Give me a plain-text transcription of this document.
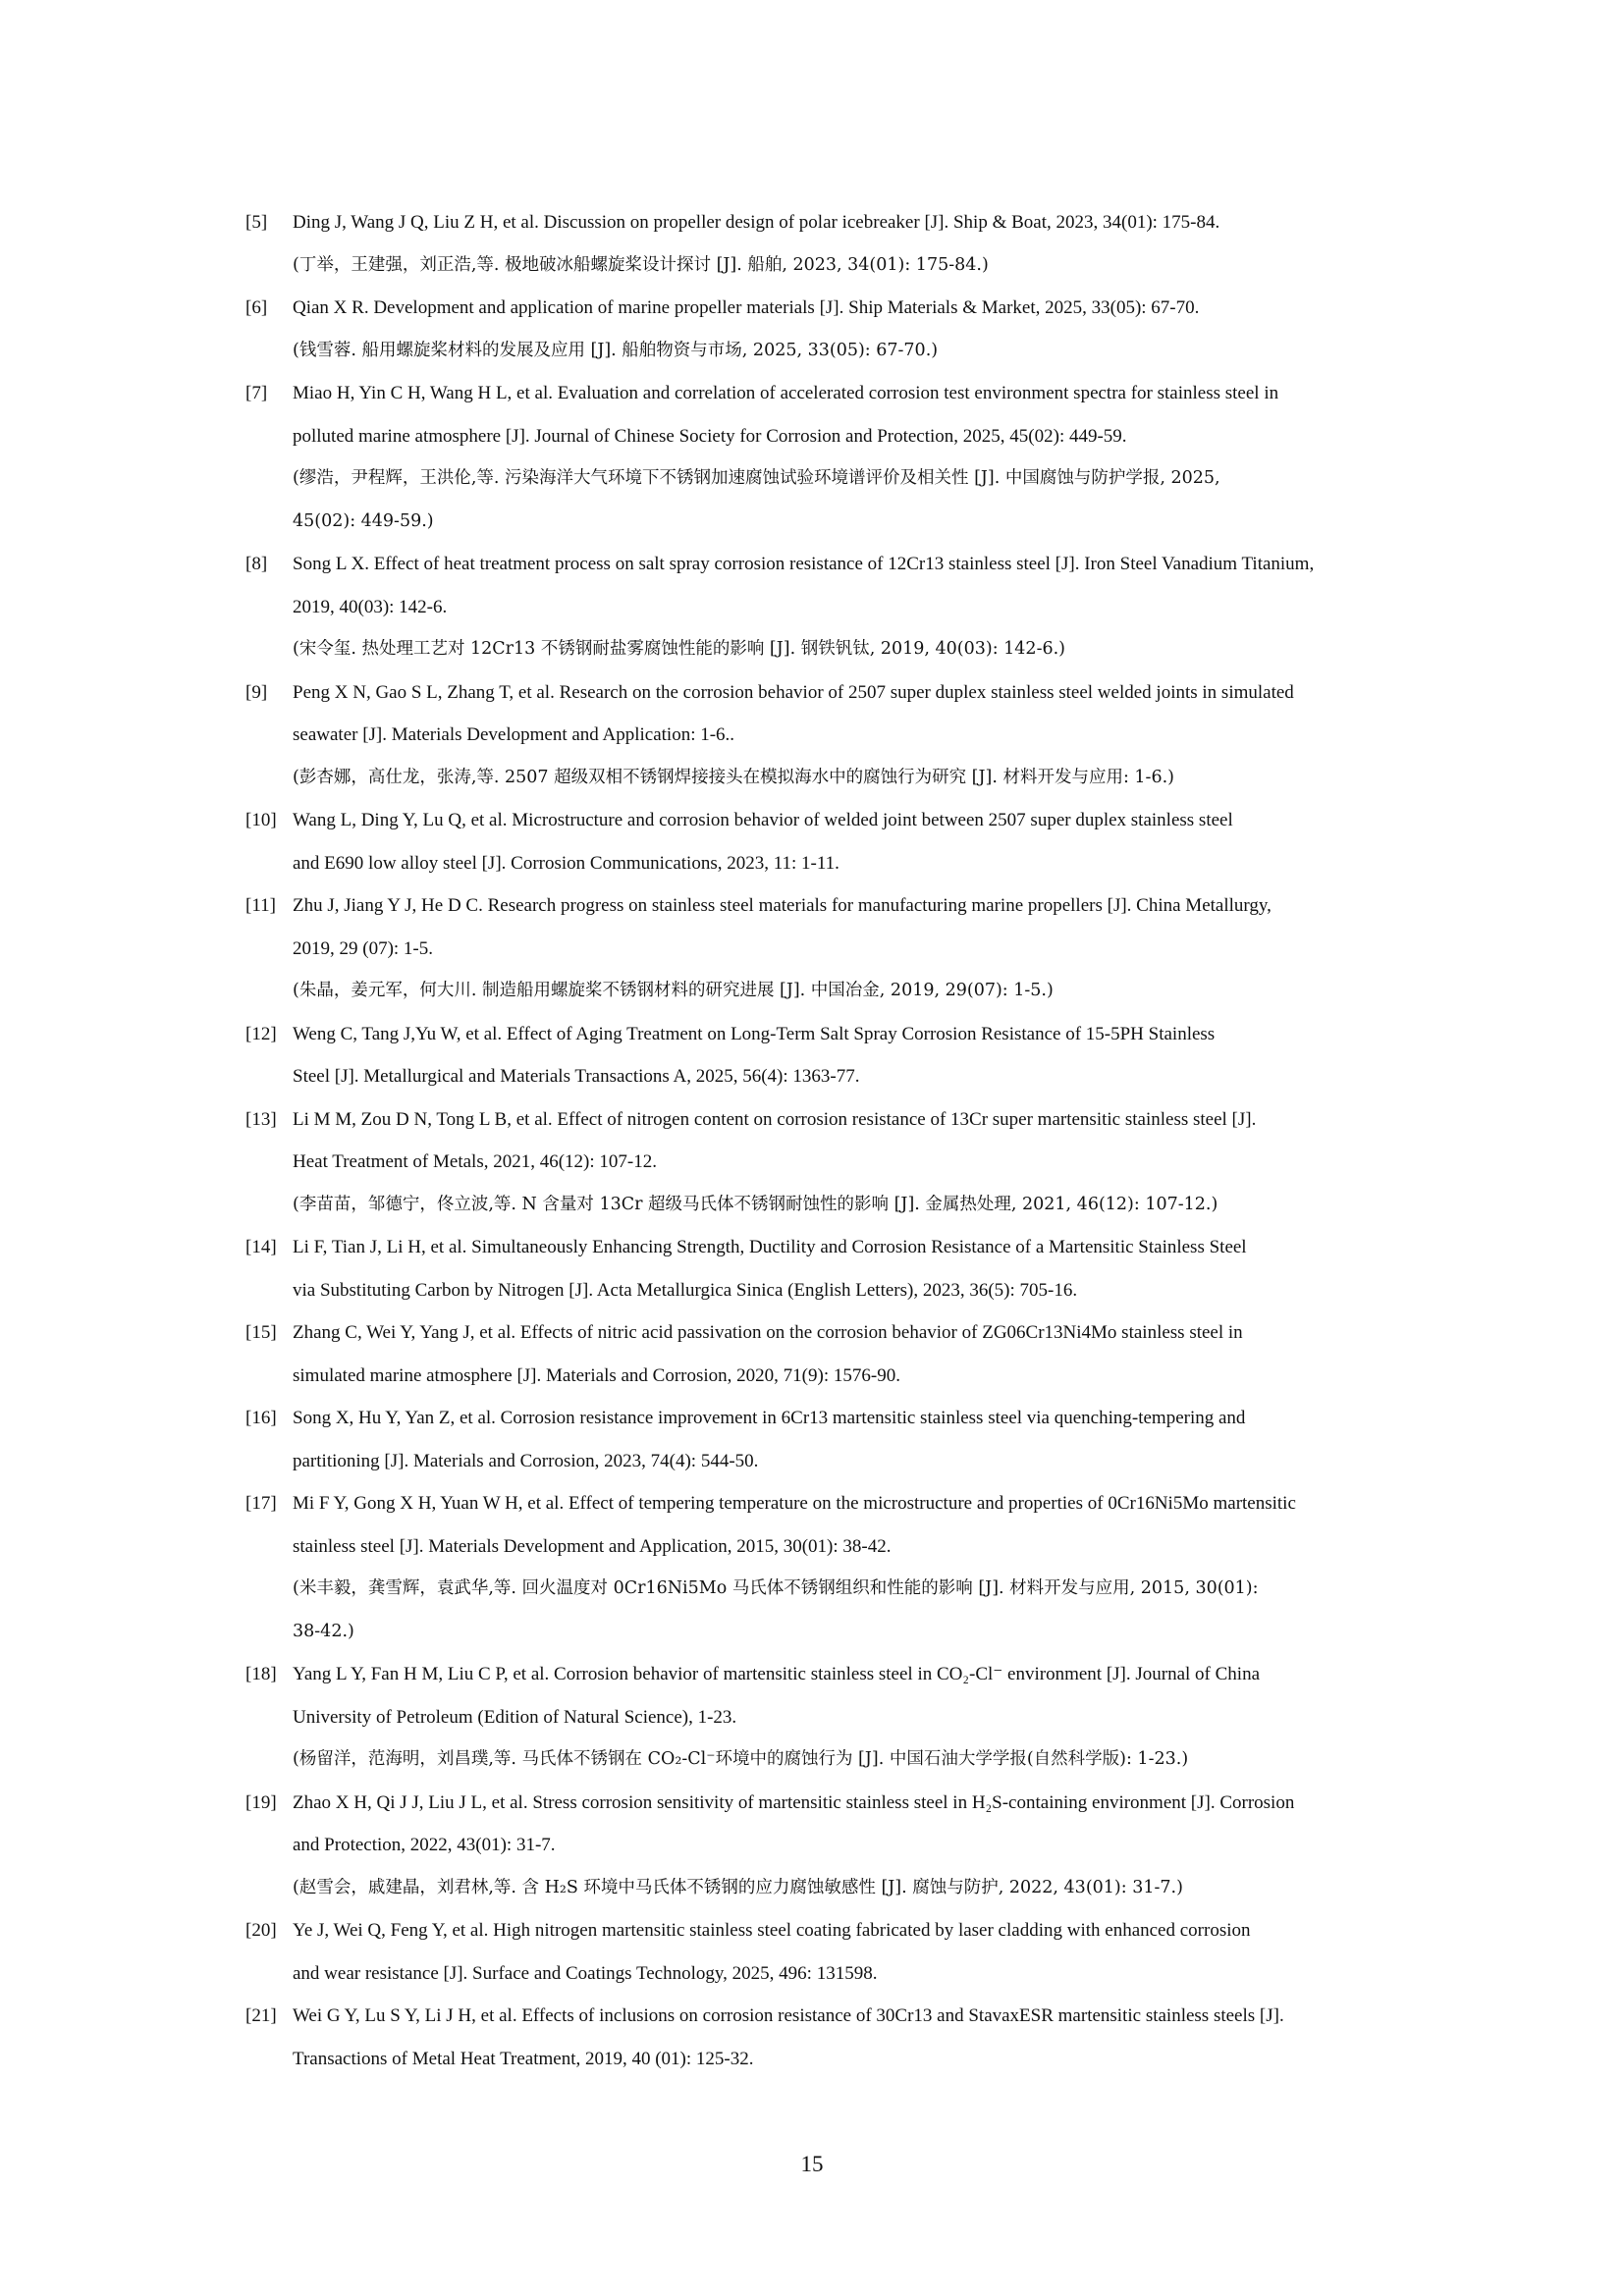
[5] Ding J, Wang J Q, Liu Z H, et al. Discussion on propeller design of polar icebreaker [J]. Ship & Boat, 2023, 34(01): 175-84.
(丁举，王建强，刘正浩,等. 极地破冰船螺旋桨设计探讨 [J]. 船舶, 2023, 34(01): 175-84.)
[6] Qian X R. Development and application of marine propeller materials [J]. Ship Materials & Market, 2025, 33(05): 67-70.
(钱雪蓉. 船用螺旋桨材料的发展及应用 [J]. 船舶物资与市场, 2025, 33(05): 67-70.)
[7] Miao H, Yin C H, Wang H L, et al. Evaluation and correlation of accelerated corrosion test environment spectra for stainless steel in
polluted marine atmosphere [J]. Journal of Chinese Society for Corrosion and Protection, 2025, 45(02): 449-59.
(缪浩，尹程辉，王洪伦,等. 污染海洋大气环境下不锈钢加速腐蚀试验环境谱评价及相关性 [J]. 中国腐蚀与防护学报, 2025,
45(02): 449-59.)
[8] Song L X. Effect of heat treatment process on salt spray corrosion resistance of 12Cr13 stainless steel [J]. Iron Steel Vanadium Titanium,
2019, 40(03): 142-6.
(宋令玺. 热处理工艺对 12Cr13 不锈钢耐盐雾腐蚀性能的影响 [J]. 钢铁钒钛, 2019, 40(03): 142-6.)
[9] Peng X N, Gao S L, Zhang T, et al. Research on the corrosion behavior of 2507 super duplex stainless steel welded joints in simulated
seawater [J]. Materials Development and Application: 1-6..
(彭杏娜，高仕龙，张涛,等. 2507 超级双相不锈钢焊接接头在模拟海水中的腐蚀行为研究 [J]. 材料开发与应用: 1-6.)
[10] Wang L, Ding Y, Lu Q, et al. Microstructure and corrosion behavior of welded joint between 2507 super duplex stainless steel
and E690 low alloy steel [J]. Corrosion Communications, 2023, 11: 1-11.
[11] Zhu J, Jiang Y J, He D C. Research progress on stainless steel materials for manufacturing marine propellers [J]. China Metallurgy,
2019, 29 (07): 1-5.
(朱晶，姜元军，何大川. 制造船用螺旋桨不锈钢材料的研究进展 [J]. 中国冶金, 2019, 29(07): 1-5.)
[12] Weng C, Tang J,Yu W, et al. Effect of Aging Treatment on Long-Term Salt Spray Corrosion Resistance of 15-5PH Stainless
Steel [J]. Metallurgical and Materials Transactions A, 2025, 56(4): 1363-77.
[13] Li M M, Zou D N, Tong L B, et al. Effect of nitrogen content on corrosion resistance of 13Cr super martensitic stainless steel [J].
Heat Treatment of Metals, 2021, 46(12): 107-12.
(李苗苗，邹德宁，佟立波,等. N 含量对 13Cr 超级马氏体不锈钢耐蚀性的影响 [J]. 金属热处理, 2021, 46(12): 107-12.)
[14] Li F, Tian J, Li H, et al. Simultaneously Enhancing Strength, Ductility and Corrosion Resistance of a Martensitic Stainless Steel
via Substituting Carbon by Nitrogen [J]. Acta Metallurgica Sinica (English Letters), 2023, 36(5): 705-16.
[15] Zhang C, Wei Y, Yang J, et al. Effects of nitric acid passivation on the corrosion behavior of ZG06Cr13Ni4Mo stainless steel in
simulated marine atmosphere [J]. Materials and Corrosion, 2020, 71(9): 1576-90.
[16] Song X, Hu Y, Yan Z, et al. Corrosion resistance improvement in 6Cr13 martensitic stainless steel via quenching-tempering and
partitioning [J]. Materials and Corrosion, 2023, 74(4): 544-50.
[17] Mi F Y, Gong X H, Yuan W H, et al. Effect of tempering temperature on the microstructure and properties of 0Cr16Ni5Mo martensitic
stainless steel [J]. Materials Development and Application, 2015, 30(01): 38-42.
(米丰毅，龚雪辉，袁武华,等. 回火温度对 0Cr16Ni5Mo 马氏体不锈钢组织和性能的影响 [J]. 材料开发与应用, 2015, 30(01):
38-42.)
[18] Yang L Y, Fan H M, Liu C P, et al. Corrosion behavior of martensitic stainless steel in CO₂-Cl⁻ environment [J]. Journal of China
University of Petroleum (Edition of Natural Science), 1-23.
(杨留洋，范海明，刘昌璞,等. 马氏体不锈钢在 CO₂-Cl⁻环境中的腐蚀行为 [J]. 中国石油大学学报(自然科学版): 1-23.)
[19] Zhao X H, Qi J J, Liu J L, et al. Stress corrosion sensitivity of martensitic stainless steel in H₂S-containing environment [J]. Corrosion
and Protection, 2022, 43(01): 31-7.
(赵雪会，戚建晶，刘君林,等. 含 H₂S 环境中马氏体不锈钢的应力腐蚀敏感性 [J]. 腐蚀与防护, 2022, 43(01): 31-7.)
[20] Ye J, Wei Q, Feng Y, et al. High nitrogen martensitic stainless steel coating fabricated by laser cladding with enhanced corrosion
and wear resistance [J]. Surface and Coatings Technology, 2025, 496: 131598.
[21] Wei G Y, Lu S Y, Li J H, et al. Effects of inclusions on corrosion resistance of 30Cr13 and StavaxESR martensitic stainless steels [J].
Transactions of Metal Heat Treatment, 2019, 40 (01): 125-32.
15
